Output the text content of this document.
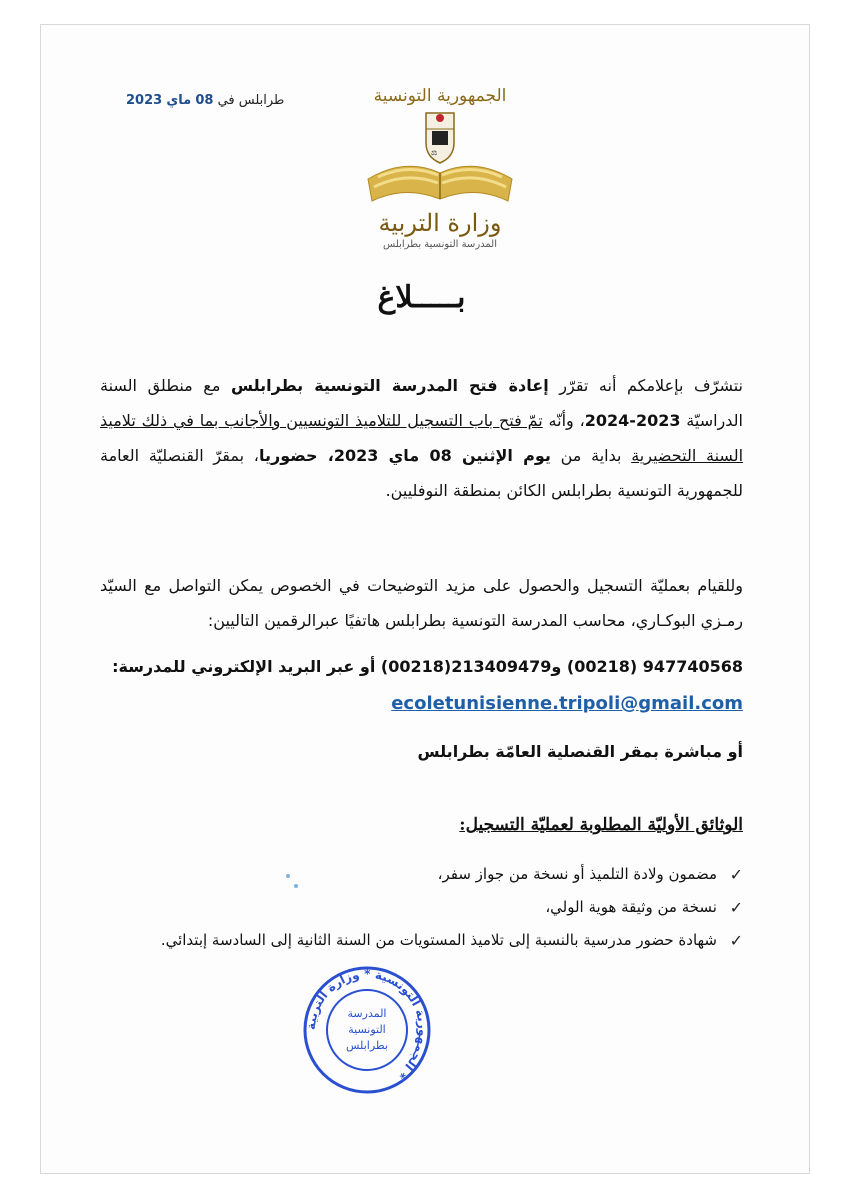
طرابلس في 08 ماي 2023	الجمهورية التونسية
⚖
وزارة التربية
المدرسة التونسية بطرابلس
بـــــلاغ
نتشرّف بإعلامكم أنه تقرّر إعادة فتح المدرسة التونسية بطرابلس مع منطلق السنة الدراسيّة 2023-2024، وأنّه تمّ فتح باب التسجيل للتلاميذ التونسيين والأجانب بما في ذلك تلاميذ السنة التحضيرية بداية من يوم الإثنين 08 ماي 2023، حضوريا، بمقرّ القنصليّة العامة للجمهورية التونسية بطرابلس الكائن بمنطقة النوفليين.
وللقيام بعمليّة التسجيل والحصول على مزيد التوضيحات في الخصوص يمكن التواصل مع السيّد رمـزي البوكـاري، محاسب المدرسة التونسية بطرابلس هاتفيًا عبرالرقمين التاليين:
947740568 (00218) و213409479(00218) أو عبر البريد الإلكتروني للمدرسة:
ecoletunisienne.tripoli@gmail.com
أو مباشرة بمقر القنصلية العامّة بطرابلس
الوثائق الأوليّة المطلوبة لعمليّة التسجيل:
✓
مضمون ولادة التلميذ أو نسخة من جواز سفر،
✓
نسخة من وثيقة هوية الولي،
✓
شهادة حضور مدرسية بالنسبة إلى تلاميذ المستويات من السنة الثانية إلى السادسة إبتدائي.
الجمهورية التونسية * وزارة التربية *
المدرسة
التونسية
بطرابلس
